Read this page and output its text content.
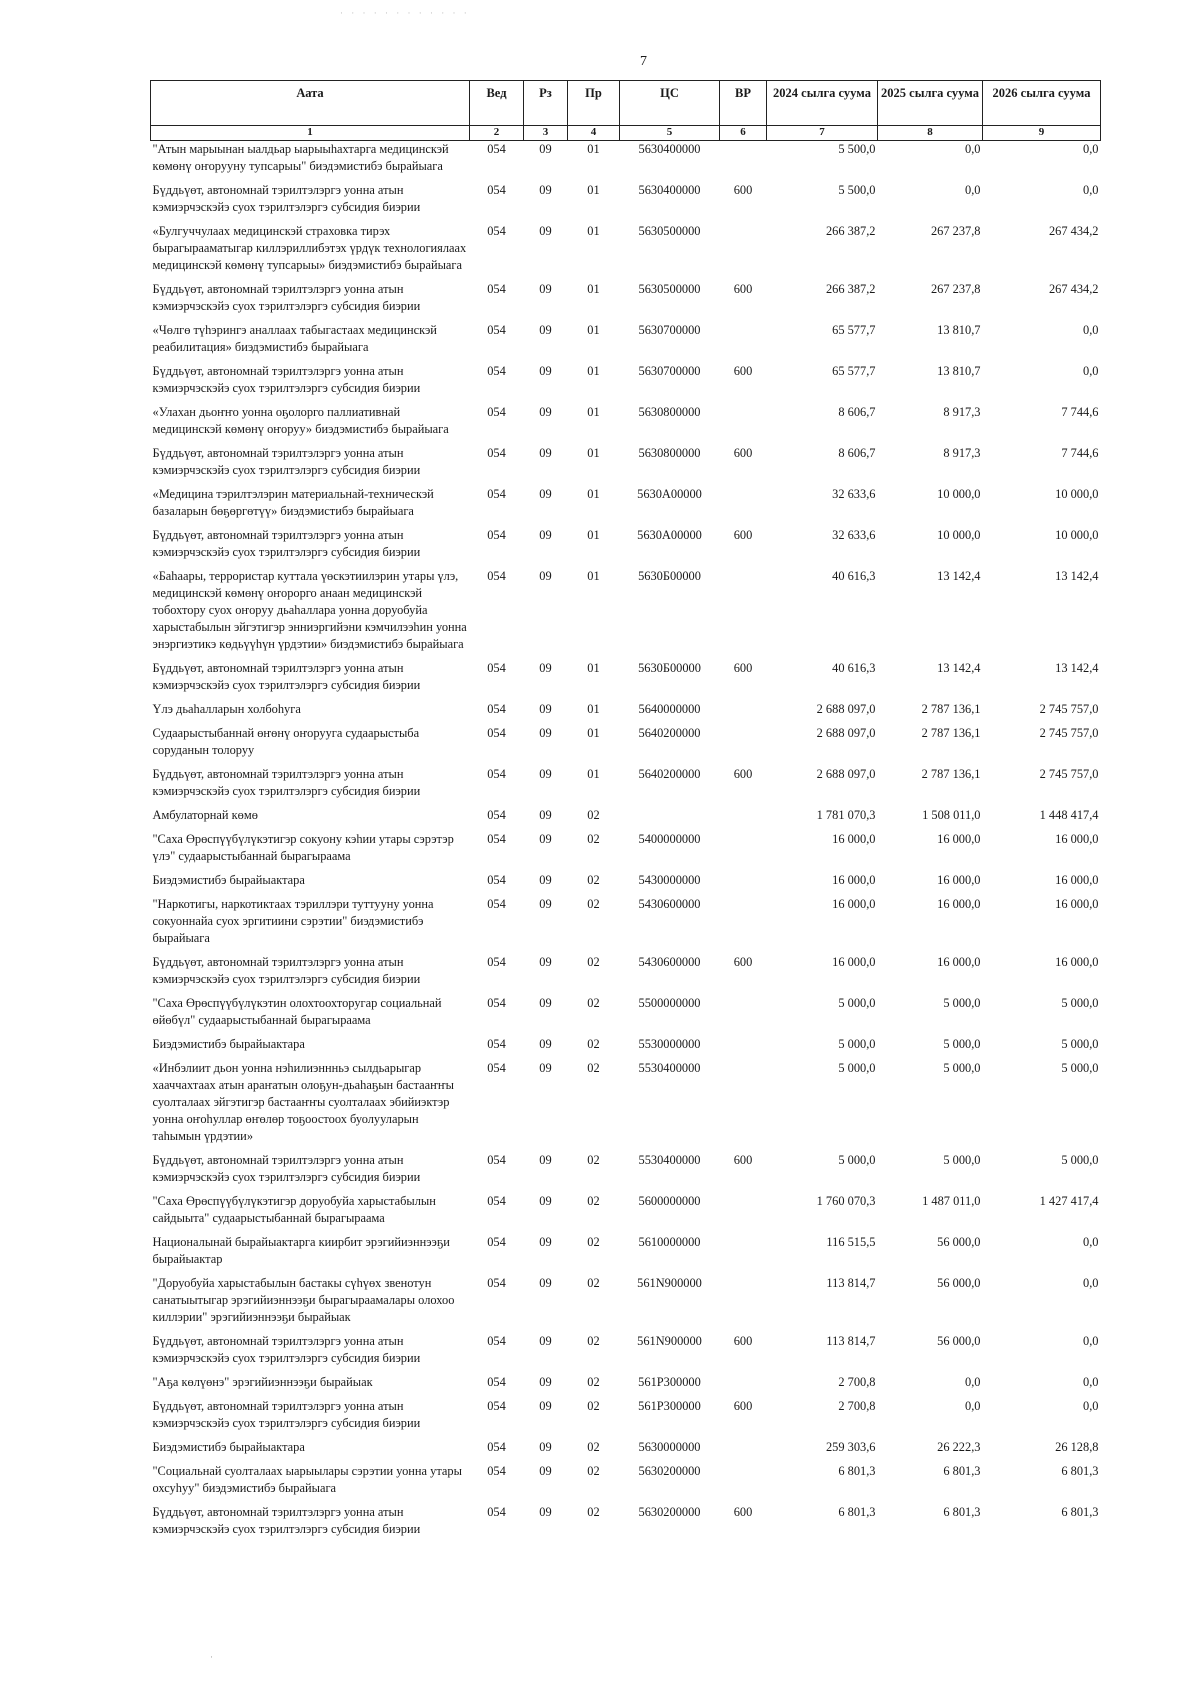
· · · · · · · · · · · ·
7
Аата	Вед	Рз	Пр	ЦС	ВР	2024 сылга суума	2025 сылга суума	2026 сылга суума
1	2	3	4	5	6	7	8	9
"Атын марыынан ыалдьар ыарыыhахтарга медицинскэй көмөнү оҥорууну тупсарыы" биэдэмистибэ бырайыага	054	09	01	5630400000		5 500,0	0,0	0,0
Бүддьүөт, автономнай тэрилтэлэргэ уонна атын кэмиэрчэскэйэ суох тэрилтэлэргэ субсидия биэрии	054	09	01	5630400000	600	5 500,0	0,0	0,0
«Булгуччулаах медицинскэй страховка тирэх бырагырааматыгар киллэриллибэтэх үрдүк технологиялаах медицинскэй көмөнү тупсарыы» биэдэмистибэ бырайыага	054	09	01	5630500000		266 387,2	267 237,8	267 434,2
Бүддьүөт, автономнай тэрилтэлэргэ уонна атын кэмиэрчэскэйэ суох тэрилтэлэргэ субсидия биэрии	054	09	01	5630500000	600	266 387,2	267 237,8	267 434,2
«Чөлгө түһэрингэ аналлаах табыгастаах медицинскэй реабилитация» биэдэмистибэ бырайыага	054	09	01	5630700000		65 577,7	13 810,7	0,0
Бүддьүөт, автономнай тэрилтэлэргэ уонна атын кэмиэрчэскэйэ суох тэрилтэлэргэ субсидия биэрии	054	09	01	5630700000	600	65 577,7	13 810,7	0,0
«Улахан дьоҥҥо уонна оҕолорго паллиативнай медицинскэй көмөнү оҥоруу» биэдэмистибэ бырайыага	054	09	01	5630800000		8 606,7	8 917,3	7 744,6
Бүддьүөт, автономнай тэрилтэлэргэ уонна атын кэмиэрчэскэйэ суох тэрилтэлэргэ субсидия биэрии	054	09	01	5630800000	600	8 606,7	8 917,3	7 744,6
«Медицина тэрилтэлэрин материальнай-техническэй базаларын бөҕөргөтүү» биэдэмистибэ бырайыага	054	09	01	5630А00000		32 633,6	10 000,0	10 000,0
Бүддьүөт, автономнай тэрилтэлэргэ уонна атын кэмиэрчэскэйэ суох тэрилтэлэргэ субсидия биэрии	054	09	01	5630А00000	600	32 633,6	10 000,0	10 000,0
«Баһаары, террористар куттала үөскэтиилэрин утары үлэ, медицинскэй көмөнү оҥорорго анаан медицинскэй тобохтору суох оҥоруу дьаһаллара уонна доруобуйа харыстабылын эйгэтигэр энниэргийэни кэмчилээһин уонна энэргиэтикэ көдьүүһүн үрдэтии» биэдэмистибэ бырайыага	054	09	01	5630Б00000		40 616,3	13 142,4	13 142,4
Бүддьүөт, автономнай тэрилтэлэргэ уонна атын кэмиэрчэскэйэ суох тэрилтэлэргэ субсидия биэрии	054	09	01	5630Б00000	600	40 616,3	13 142,4	13 142,4
Үлэ дьаһалларын холбоһуга	054	09	01	5640000000		2 688 097,0	2 787 136,1	2 745 757,0
Судаарыстыбаннай өҥөнү оҥорууга судаарыстыба соруданын толоруу	054	09	01	5640200000		2 688 097,0	2 787 136,1	2 745 757,0
Бүддьүөт, автономнай тэрилтэлэргэ уонна атын кэмиэрчэскэйэ суох тэрилтэлэргэ субсидия биэрии	054	09	01	5640200000	600	2 688 097,0	2 787 136,1	2 745 757,0
Амбулаторнай көмө	054	09	02			1 781 070,3	1 508 011,0	1 448 417,4
"Саха Өрөспүүбүлүкэтигэр сокуону кэһии утары сэрэтэр үлэ" судаарыстыбаннай бырагыраама	054	09	02	5400000000		16 000,0	16 000,0	16 000,0
Биэдэмистибэ бырайыактара	054	09	02	5430000000		16 000,0	16 000,0	16 000,0
"Наркотигы, наркотиктаах тэриллэри туттууну уонна сокуоннайа суох эргитиини сэрэтии" биэдэмистибэ бырайыага	054	09	02	5430600000		16 000,0	16 000,0	16 000,0
Бүддьүөт, автономнай тэрилтэлэргэ уонна атын кэмиэрчэскэйэ суох тэрилтэлэргэ субсидия биэрии	054	09	02	5430600000	600	16 000,0	16 000,0	16 000,0
"Саха Өрөспүүбүлүкэтин олохтоохторугар социальнай өйөбүл" судаарыстыбаннай бырагыраама	054	09	02	5500000000		5 000,0	5 000,0	5 000,0
Биэдэмистибэ бырайыактара	054	09	02	5530000000		5 000,0	5 000,0	5 000,0
«Инбэлиит дьон уонна нэһилиэннньэ сылдьарыгар хааччахтаах атын араҥатын олоҕун-дьаһаҕын бастааҥҥы суолталаах эйгэтигэр бастааҥҥы суолталаах эбийиэктэр уонна оҥоһуллар өҥөлөр тоҕоостоох буолууларын таһымын үрдэтии»	054	09	02	5530400000		5 000,0	5 000,0	5 000,0
Бүддьүөт, автономнай тэрилтэлэргэ уонна атын кэмиэрчэскэйэ суох тэрилтэлэргэ субсидия биэрии	054	09	02	5530400000	600	5 000,0	5 000,0	5 000,0
"Саха Өрөспүүбүлүкэтигэр доруобуйа харыстабылын сайдыыта" судаарыстыбаннай бырагыраама	054	09	02	5600000000		1 760 070,3	1 487 011,0	1 427 417,4
Националынай бырайыактарга киирбит эрэгийиэннээҕи бырайыактар	054	09	02	5610000000		116 515,5	56 000,0	0,0
"Доруобуйа харыстабылын бастакы сүһүөх звенотун санатыытыгар эрэгийиэннээҕи бырагыраамалары олохоо киллэрии" эрэгийиэннээҕи бырайыак	054	09	02	561N900000		113 814,7	56 000,0	0,0
Бүддьүөт, автономнай тэрилтэлэргэ уонна атын кэмиэрчэскэйэ суох тэрилтэлэргэ субсидия биэрии	054	09	02	561N900000	600	113 814,7	56 000,0	0,0
"Аҕа көлүөнэ" эрэгийиэннээҕи бырайыак	054	09	02	561P300000		2 700,8	0,0	0,0
Бүддьүөт, автономнай тэрилтэлэргэ уонна атын кэмиэрчэскэйэ суох тэрилтэлэргэ субсидия биэрии	054	09	02	561P300000	600	2 700,8	0,0	0,0
Биэдэмистибэ бырайыактара	054	09	02	5630000000		259 303,6	26 222,3	26 128,8
"Социальнай суолталаах ыарыылары сэрэтии уонна утары охсуһуу" биэдэмистибэ бырайыага	054	09	02	5630200000		6 801,3	6 801,3	6 801,3
Бүддьүөт, автономнай тэрилтэлэргэ уонна атын кэмиэрчэскэйэ суох тэрилтэлэргэ субсидия биэрии	054	09	02	5630200000	600	6 801,3	6 801,3	6 801,3
·
